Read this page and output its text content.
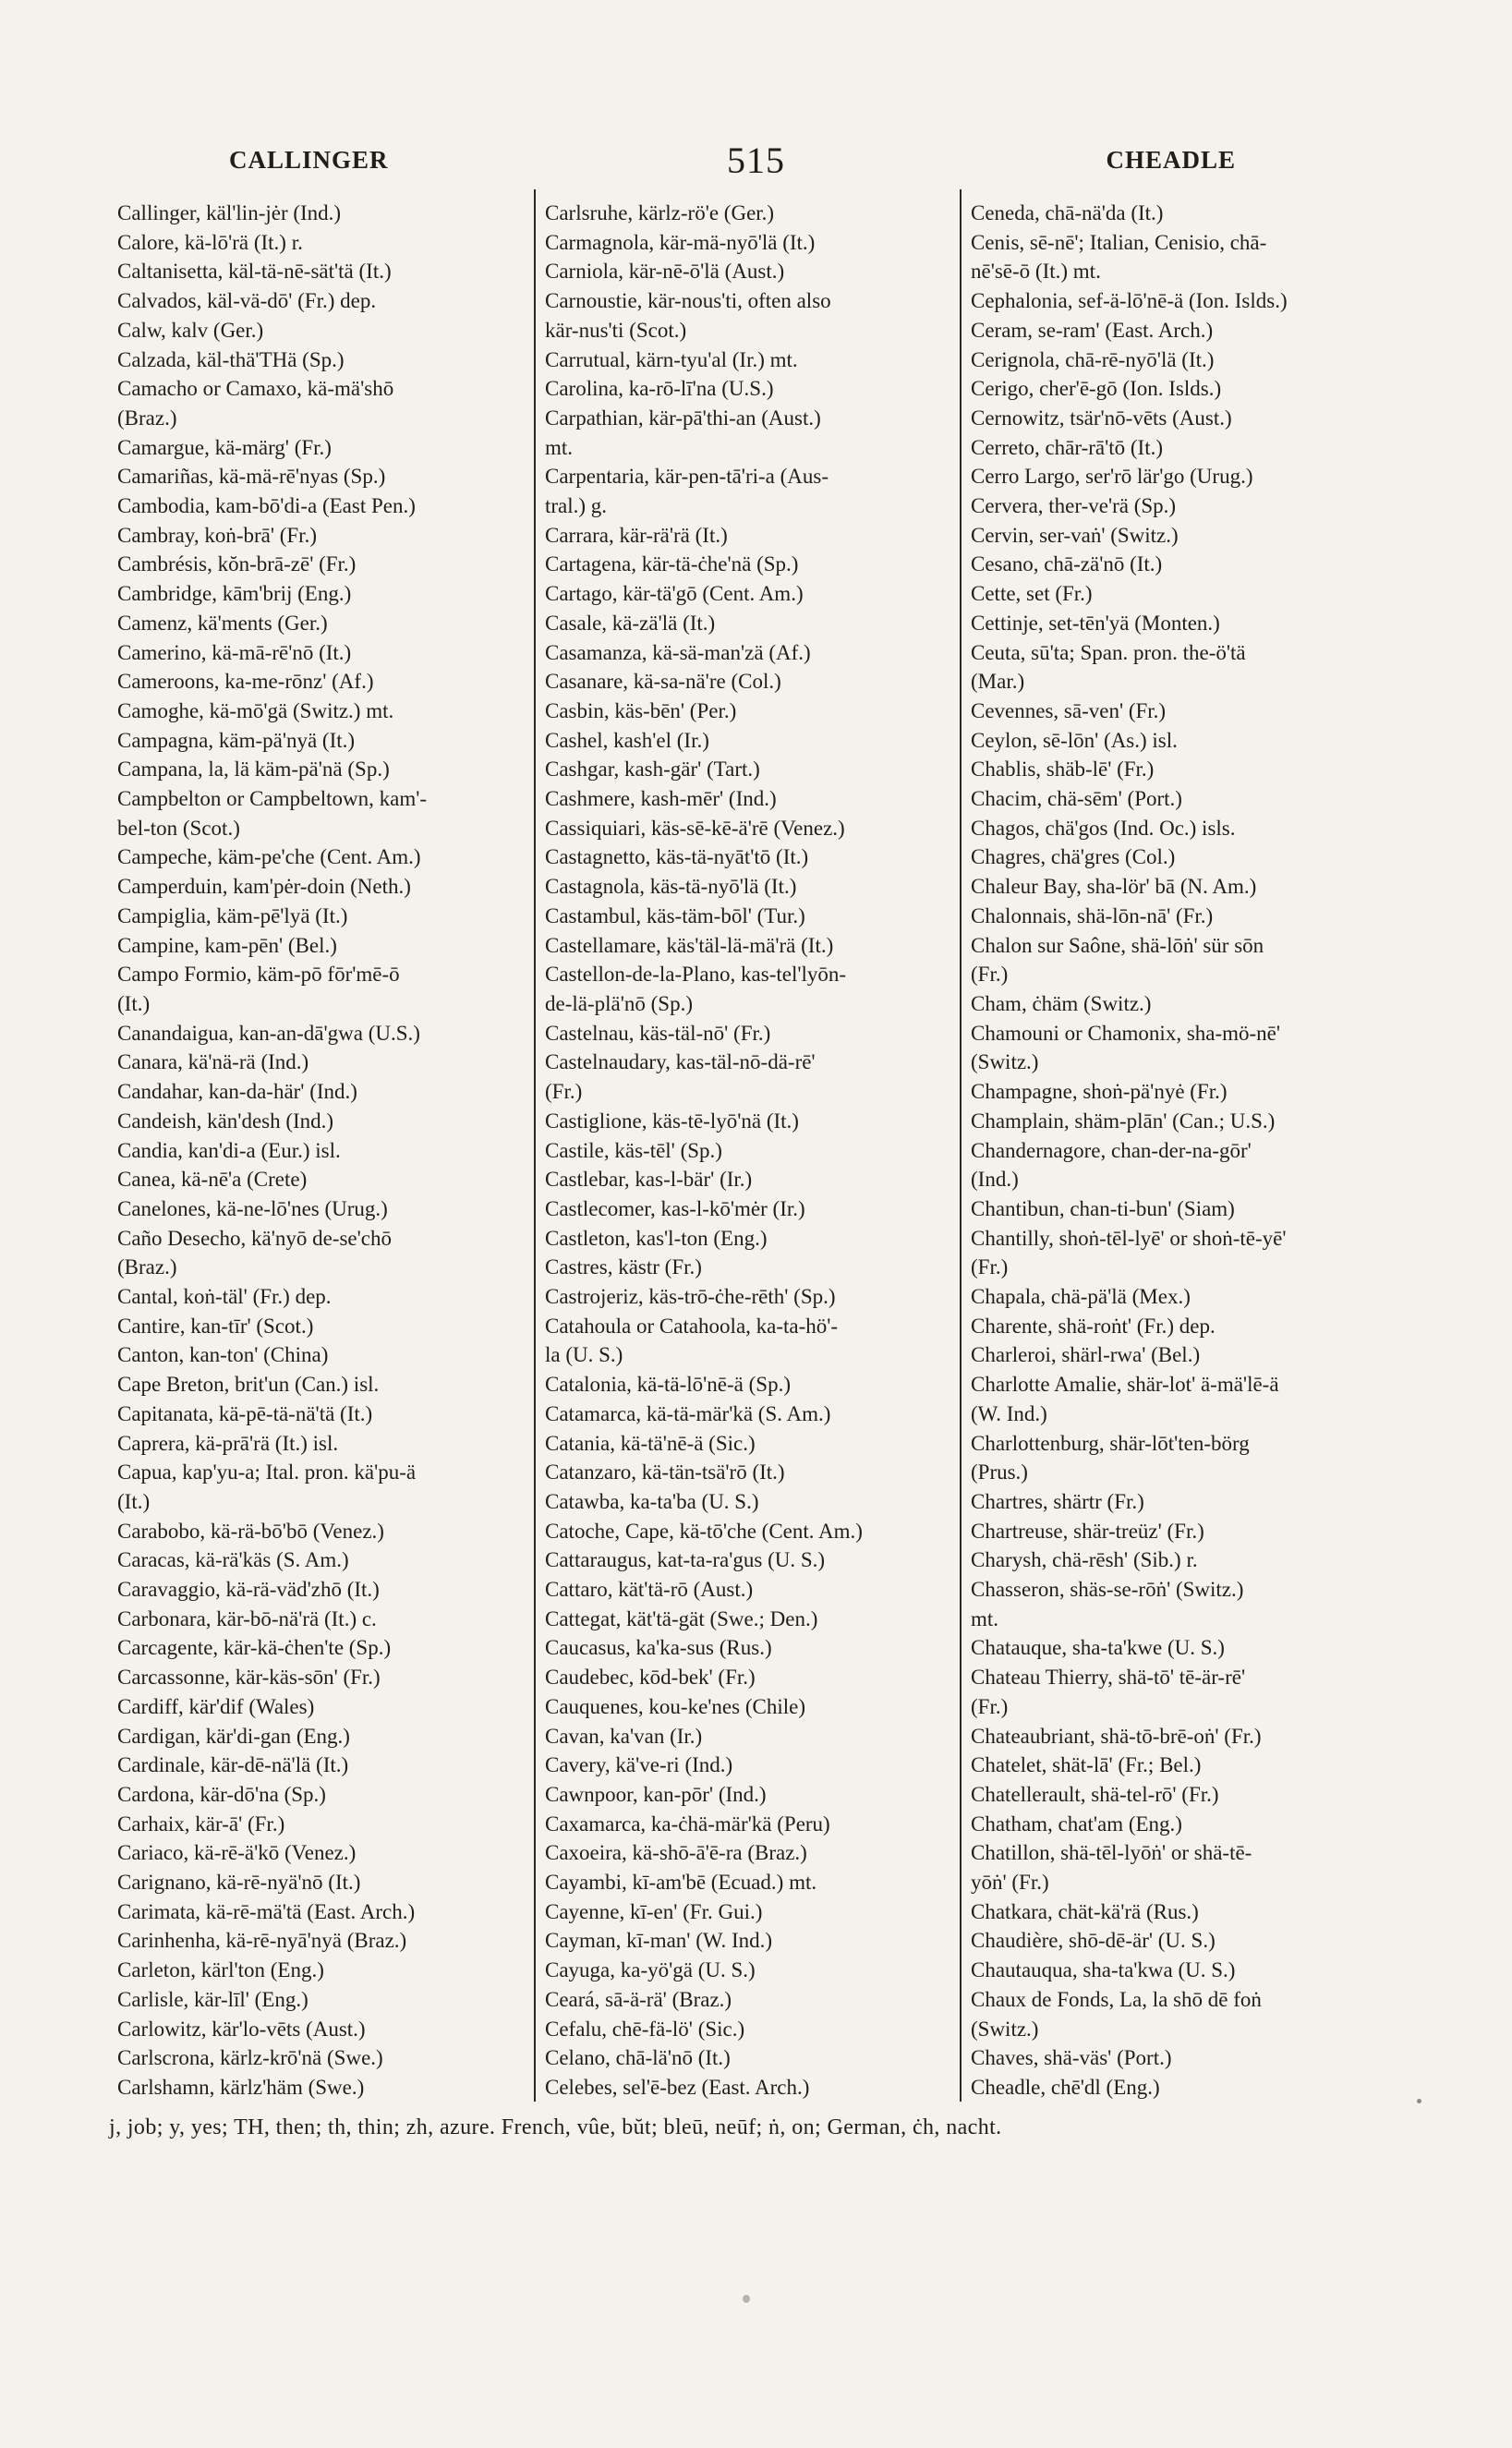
CALLINGER	515	CHEADLE
Callinger, käl'lin-jėr (Ind.)
Calore, kä-lō'rä (It.) r.
Caltanisetta, käl-tä-nē-sät'tä (It.)
Calvados, käl-vä-dō' (Fr.) dep.
Calw, kalv (Ger.)
Calzada, käl-thä'THä (Sp.)
Camacho or Camaxo, kä-mä'shō
(Braz.)
Camargue, kä-märg' (Fr.)
Camariñas, kä-mä-rē'nyas (Sp.)
Cambodia, kam-bō'di-a (East Pen.)
Cambray, koṅ-brā' (Fr.)
Cambrésis, kŏn-brā-zē' (Fr.)
Cambridge, kām'brij (Eng.)
Camenz, kä'ments (Ger.)
Camerino, kä-mā-rē'nō (It.)
Cameroons, ka-me-rōnz' (Af.)
Camoghe, kä-mō'gä (Switz.) mt.
Campagna, käm-pä'nyä (It.)
Campana, la, lä käm-pä'nä (Sp.)
Campbelton or Campbeltown, kam'-
bel-ton (Scot.)
Campeche, käm-pe'che (Cent. Am.)
Camperduin, kam'pėr-doin (Neth.)
Campiglia, käm-pē'lyä (It.)
Campine, kam-pēn' (Bel.)
Campo Formio, käm-pō fōr'mē-ō
(It.)
Canandaigua, kan-an-dā'gwa (U.S.)
Canara, kä'nä-rä (Ind.)
Candahar, kan-da-här' (Ind.)
Candeish, kän'desh (Ind.)
Candia, kan'di-a (Eur.) isl.
Canea, kä-nē'a (Crete)
Canelones, kä-ne-lō'nes (Urug.)
Caño Desecho, kä'nyō de-se'chō
(Braz.)
Cantal, koṅ-täl' (Fr.) dep.
Cantire, kan-tīr' (Scot.)
Canton, kan-ton' (China)
Cape Breton, brit'un (Can.) isl.
Capitanata, kä-pē-tä-nä'tä (It.)
Caprera, kä-prā'rä (It.) isl.
Capua, kap'yu-a; Ital. pron. kä'pu-ä
(It.)
Carabobo, kä-rä-bō'bō (Venez.)
Caracas, kä-rä'käs (S. Am.)
Caravaggio, kä-rä-väd'zhō (It.)
Carbonara, kär-bō-nä'rä (It.) c.
Carcagente, kär-kä-ċhen'te (Sp.)
Carcassonne, kär-käs-sōn' (Fr.)
Cardiff, kär'dif (Wales)
Cardigan, kär'di-gan (Eng.)
Cardinale, kär-dē-nä'lä (It.)
Cardona, kär-dō'na (Sp.)
Carhaix, kär-ā' (Fr.)
Cariaco, kä-rē-ä'kō (Venez.)
Carignano, kä-rē-nyä'nō (It.)
Carimata, kä-rē-mä'tä (East. Arch.)
Carinhenha, kä-rē-nyā'nyä (Braz.)
Carleton, kärl'ton (Eng.)
Carlisle, kär-līl' (Eng.)
Carlowitz, kär'lo-vēts (Aust.)
Carlscrona, kärlz-krō'nä (Swe.)
Carlshamn, kärlz'häm (Swe.)
Carlsruhe, kärlz-rö'e (Ger.)
Carmagnola, kär-mä-nyō'lä (It.)
Carniola, kär-nē-ō'lä (Aust.)
Carnoustie, kär-nous'ti, often also
kär-nus'ti (Scot.)
Carrutual, kärn-tyu'al (Ir.) mt.
Carolina, ka-rō-lī'na (U.S.)
Carpathian, kär-pā'thi-an (Aust.)
mt.
Carpentaria, kär-pen-tā'ri-a (Aus-
tral.) g.
Carrara, kär-rä'rä (It.)
Cartagena, kär-tä-ċhe'nä (Sp.)
Cartago, kär-tä'gō (Cent. Am.)
Casale, kä-zä'lä (It.)
Casamanza, kä-sä-man'zä (Af.)
Casanare, kä-sa-nä're (Col.)
Casbin, käs-bēn' (Per.)
Cashel, kash'el (Ir.)
Cashgar, kash-gär' (Tart.)
Cashmere, kash-mēr' (Ind.)
Cassiquiari, käs-sē-kē-ä'rē (Venez.)
Castagnetto, käs-tä-nyāt'tō (It.)
Castagnola, käs-tä-nyō'lä (It.)
Castambul, käs-täm-bōl' (Tur.)
Castellamare, käs'täl-lä-mä'rä (It.)
Castellon-de-la-Plano, kas-tel'lyōn-
de-lä-plä'nō (Sp.)
Castelnau, käs-täl-nō' (Fr.)
Castelnaudary, kas-täl-nō-dä-rē'
(Fr.)
Castiglione, käs-tē-lyō'nä (It.)
Castile, käs-tēl' (Sp.)
Castlebar, kas-l-bär' (Ir.)
Castlecomer, kas-l-kō'mėr (Ir.)
Castleton, kas'l-ton (Eng.)
Castres, kästr (Fr.)
Castrojeriz, käs-trō-ċhe-rēth' (Sp.)
Catahoula or Catahoola, ka-ta-hö'-
la (U. S.)
Catalonia, kä-tä-lō'nē-ä (Sp.)
Catamarca, kä-tä-mär'kä (S. Am.)
Catania, kä-tä'nē-ä (Sic.)
Catanzaro, kä-tän-tsä'rō (It.)
Catawba, ka-ta'ba (U. S.)
Catoche, Cape, kä-tō'che (Cent. Am.)
Cattaraugus, kat-ta-ra'gus (U. S.)
Cattaro, kät'tä-rō (Aust.)
Cattegat, kät'tä-gät (Swe.; Den.)
Caucasus, ka'ka-sus (Rus.)
Caudebec, kōd-bek' (Fr.)
Cauquenes, kou-ke'nes (Chile)
Cavan, ka'van (Ir.)
Cavery, kä've-ri (Ind.)
Cawnpoor, kan-pōr' (Ind.)
Caxamarca, ka-ċhä-mär'kä (Peru)
Caxoeira, kä-shō-ā'ē-ra (Braz.)
Cayambi, kī-am'bē (Ecuad.) mt.
Cayenne, kī-en' (Fr. Gui.)
Cayman, kī-man' (W. Ind.)
Cayuga, ka-yö'gä (U. S.)
Ceará, sā-ä-rä' (Braz.)
Cefalu, chē-fä-lö' (Sic.)
Celano, chā-lä'nō (It.)
Celebes, sel'ē-bez (East. Arch.)
Ceneda, chā-nä'da (It.)
Cenis, sē-nē'; Italian, Cenisio, chā-
nē'sē-ō (It.) mt.
Cephalonia, sef-ä-lō'nē-ä (Ion. Islds.)
Ceram, se-ram' (East. Arch.)
Cerignola, chā-rē-nyō'lä (It.)
Cerigo, cher'ē-gō (Ion. Islds.)
Cernowitz, tsär'nō-vēts (Aust.)
Cerreto, chār-rā'tō (It.)
Cerro Largo, ser'rō lär'go (Urug.)
Cervera, ther-ve'rä (Sp.)
Cervin, ser-vaṅ' (Switz.)
Cesano, chā-zä'nō (It.)
Cette, set (Fr.)
Cettinje, set-tēn'yä (Monten.)
Ceuta, sū'ta; Span. pron. the-ö'tä
(Mar.)
Cevennes, sā-ven' (Fr.)
Ceylon, sē-lōn' (As.) isl.
Chablis, shäb-lē' (Fr.)
Chacim, chä-sēm' (Port.)
Chagos, chä'gos (Ind. Oc.) isls.
Chagres, chä'gres (Col.)
Chaleur Bay, sha-lör' bā (N. Am.)
Chalonnais, shä-lōn-nā' (Fr.)
Chalon sur Saône, shä-lōṅ' sür sōn
(Fr.)
Cham, ċhäm (Switz.)
Chamouni or Chamonix, sha-mö-nē'
(Switz.)
Champagne, shoṅ-pä'nyė (Fr.)
Champlain, shäm-plān' (Can.; U.S.)
Chandernagore, chan-der-na-gōr'
(Ind.)
Chantibun, chan-ti-bun' (Siam)
Chantilly, shoṅ-tēl-lyē' or shoṅ-tē-yē'
(Fr.)
Chapala, chä-pä'lä (Mex.)
Charente, shä-roṅt' (Fr.) dep.
Charleroi, shärl-rwa' (Bel.)
Charlotte Amalie, shär-lot' ä-mä'lē-ä
(W. Ind.)
Charlottenburg, shär-lōt'ten-börg
(Prus.)
Chartres, shärtr (Fr.)
Chartreuse, shär-treüz' (Fr.)
Charysh, chä-rēsh' (Sib.) r.
Chasseron, shäs-se-rōṅ' (Switz.)
mt.
Chatauque, sha-ta'kwe (U. S.)
Chateau Thierry, shä-tō' tē-är-rē'
(Fr.)
Chateaubriant, shä-tō-brē-oṅ' (Fr.)
Chatelet, shät-lā' (Fr.; Bel.)
Chatellerault, shä-tel-rō' (Fr.)
Chatham, chat'am (Eng.)
Chatillon, shä-tēl-lyōṅ' or shä-tē-
yōṅ' (Fr.)
Chatkara, chät-kä'rä (Rus.)
Chaudière, shō-dē-är' (U. S.)
Chautauqua, sha-ta'kwa (U. S.)
Chaux de Fonds, La, la shō dē foṅ
(Switz.)
Chaves, shä-väs' (Port.)
Cheadle, chē'dl (Eng.)
j, job; y, yes; TH, then; th, thin; zh, azure. French, vûe, bŭt; bleū, neūf; ṅ, on; German, ċh, nacht.
